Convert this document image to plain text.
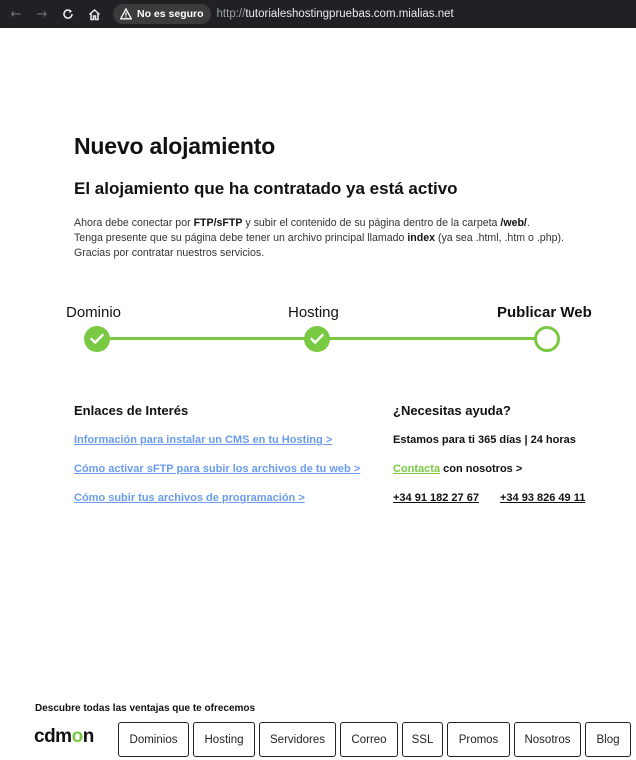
←	→	No es seguro http://tutorialeshostingpruebas.com.mialias.net
Nuevo alojamiento
El alojamiento que ha contratado ya está activo
Ahora debe conectar por FTP/sFTP y subir el contenido de su página dentro de la carpeta /web/.
Tenga presente que su página debe tener un archivo principal llamado index (ya sea .html, .htm o .php).
Gracias por contratar nuestros servicios.
Dominio	Hosting	Publicar Web
Enlaces de Interés
Información para instalar un CMS en tu Hosting >
Cómo activar sFTP para subir los archivos de tu web >
Cómo subir tus archivos de programación >
¿Necesitas ayuda?
Estamos para ti 365 días | 24 horas
Contacta con nosotros >
+34 91 182 27 67 +34 93 826 49 11
Descubre todas las ventajas que te ofrecemos
cdmon	Dominios	Hosting	Servidores	Correo	SSL	Promos	Nosotros	Blog
